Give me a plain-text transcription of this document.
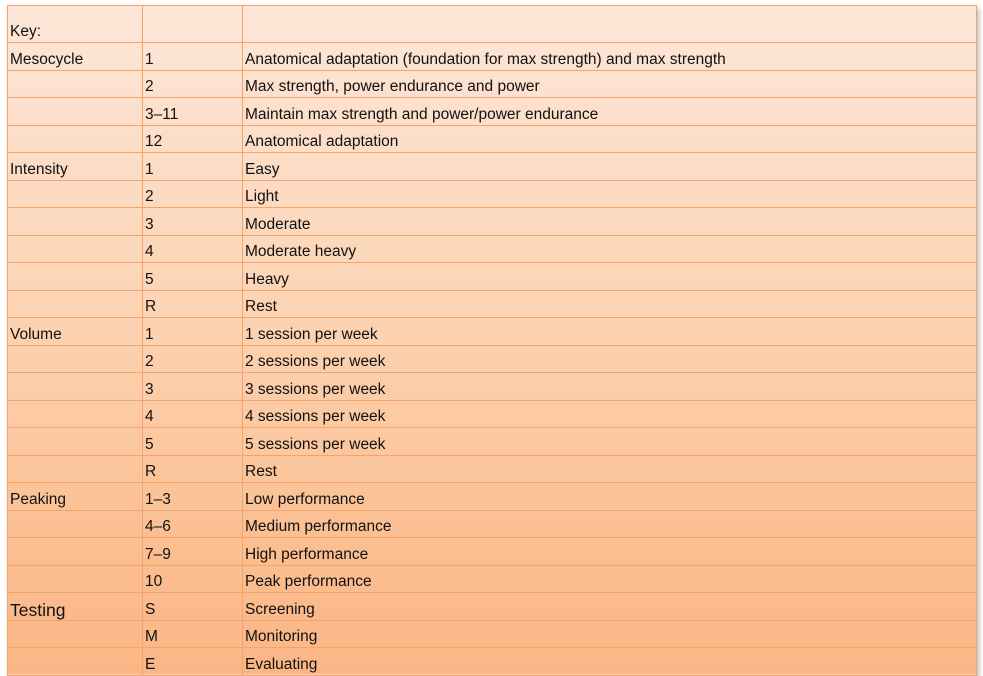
Key:		
Mesocycle	1	Anatomical adaptation (foundation for max strength) and max strength
	2	Max strength, power endurance and power
	3–11	Maintain max strength and power/power endurance
	12	Anatomical adaptation
Intensity	1	Easy
	2	Light
	3	Moderate
	4	Moderate heavy
	5	Heavy
	R	Rest
Volume	1	1 session per week
	2	2 sessions per week
	3	3 sessions per week
	4	4 sessions per week
	5	5 sessions per week
	R	Rest
Peaking	1–3	Low performance
	4–6	Medium performance
	7–9	High performance
	10	Peak performance
Testing	S	Screening
	M	Monitoring
	E	Evaluating
